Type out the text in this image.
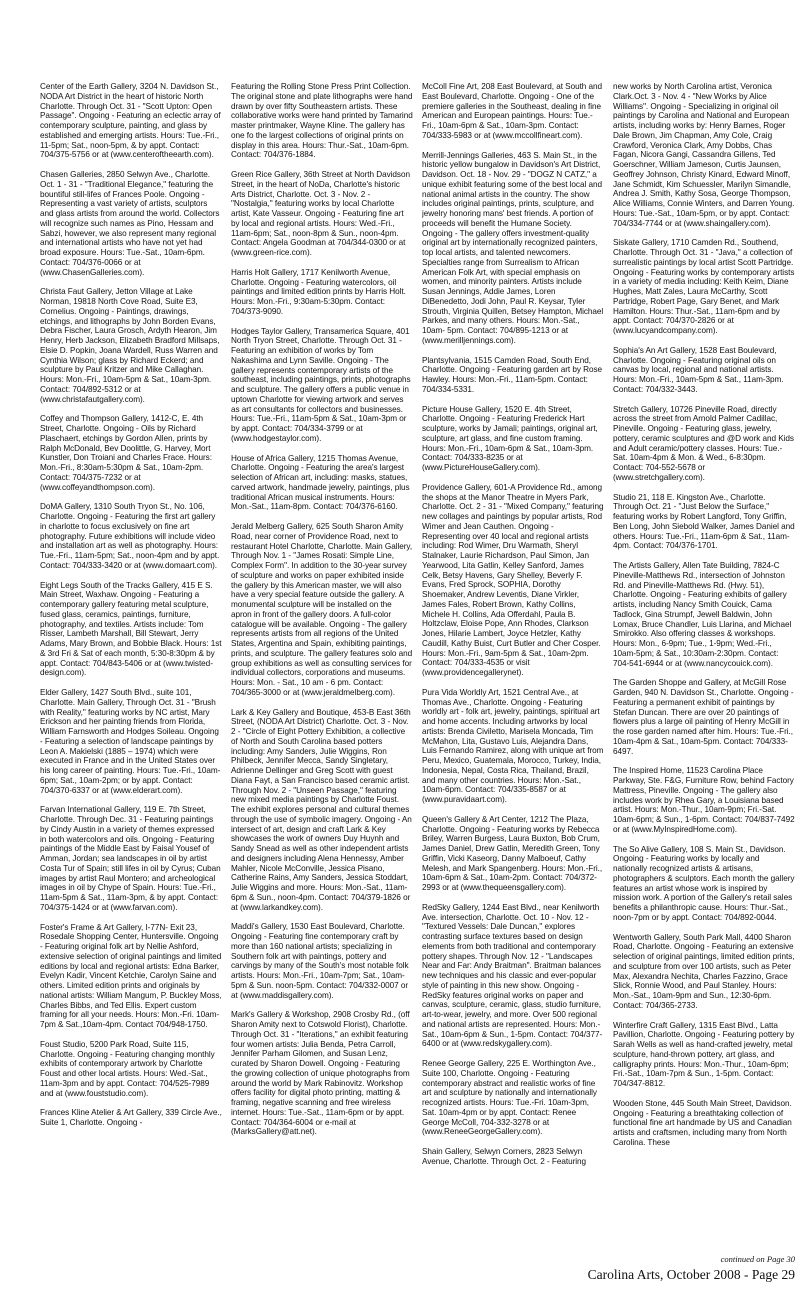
Center of the Earth Gallery, 3204 N. Davidson St., NODA Art District in the heart of historic North Charlotte. Through Oct. 31 - "Scott Upton: Open Passage". Ongoing - Featuring an eclectic array of contemporary sculpture, painting, and glass by established and emerging artists. Hours: Tue.-Fri., 11-5pm; Sat., noon-5pm, & by appt. Contact: 704/375-5756 or at (www.centeroftheearth.com).

Chasen Galleries, 2850 Selwyn Ave., Charlotte. Oct. 1 - 31 - "Traditional Elegance," featuring the bountiful still-lifes of Frances Poole. Ongoing - Representing a vast variety of artists, sculptors and glass artists from around the world. Collectors will recognize such names as Pino, Hessam and Sabzi, however, we also represent many regional and international artists who have not yet had broad exposure. Hours: Tue.-Sat., 10am-6pm. Contact: 704/376-0066 or at (www.ChasenGalleries.com).

Christa Faut Gallery, Jetton Village at Lake Norman, 19818 North Cove Road, Suite E3, Cornelius. Ongoing - Paintings, drawings, etchings, and lithographs by John Borden Evans, Debra Fischer, Laura Grosch, Ardyth Hearon, Jim Henry, Herb Jackson, Elizabeth Bradford Millsaps, Elsie D. Popkin, Joana Wardell, Russ Warren and Cynthia Wilson; glass by Richard Eckerd; and sculpture by Paul Kritzer and Mike Callaghan. Hours: Mon.-Fri., 10am-5pm & Sat., 10am-3pm. Contact: 704/892-5312 or at (www.christafautgallery.com).

Coffey and Thompson Gallery, 1412-C, E. 4th Street, Charlotte. Ongoing - Oils by Richard Plaschaert, etchings by Gordon Allen, prints by Ralph McDonald, Bev Doolittle, G. Harvey, Mort Kunstler, Don Troiani and Charles Frace. Hours: Mon.-Fri., 8:30am-5:30pm & Sat., 10am-2pm. Contact: 704/375-7232 or at (www.coffeyandthompson.com).

DoMA Gallery, 1310 South Tryon St., No. 106, Charlotte. Ongoing - Featuring the first art gallery in charlotte to focus exclusively on fine art photography. Future exhibitions will include video and installation art as well as photography. Hours: Tue.-Fri., 11am-5pm; Sat., noon-4pm and by appt. Contact: 704/333-3420 or at (www.domaart.com).

Eight Legs South of the Tracks Gallery, 415 E S. Main Street, Waxhaw. Ongoing - Featuring a contemporary gallery featuring metal sculpture, fused glass, ceramics, paintings, furniture, photography, and textiles. Artists include: Tom Risser, Lambeth Marshall, Bill Stewart, Jerry Adams, Mary Brown, and Bobbie Black. Hours: 1st & 3rd Fri & Sat of each month, 5:30-8:30pm & by appt. Contact: 704/843-5406 or at (www.twisted-design.com).

Elder Gallery, 1427 South Blvd., suite 101, Charlotte. Main Gallery, Through Oct. 31 - "Brush with Reality," featuring works by NC artist, Mary Erickson and her painting friends from Florida, William Farnsworth and Hodges Soileau. Ongoing - Featuring a selection of landscape paintings by Leon A. Makielski (1885 – 1974) which were executed in France and in the United States over his long career of painting. Hours: Tue.-Fri., 10am-6pm; Sat., 10am-2pm; or by appt. Contact: 704/370-6337 or at (www.elderart.com).

Farvan International Gallery, 119 E. 7th Street, Charlotte. Through Dec. 31 - Featuring paintings by Cindy Austin in a variety of themes expressed in both watercolors and oils. Ongoing - Featuring paintings of the Middle East by Faisal Yousef of Amman, Jordan; sea landscapes in oil by artist Costa Tur of Spain; still lifes in oil by Cyrus; Cuban images by artist Raul Montero; and archeological images in oil by Chype of Spain. Hours: Tue.-Fri., 11am-5pm & Sat., 11am-3pm, & by appt. Contact: 704/375-1424 or at (www.farvan.com).

Foster's Frame & Art Gallery, I-77N- Exit 23, Rosedale Shopping Center, Huntersville. Ongoing - Featuring original folk art by Nellie Ashford, extensive selection of original paintings and limited editions by local and regional artists: Edna Barker, Evelyn Kadir, Vincent Ketchie, Carolyn Saine and others. Limited edition prints and originals by national artists: William Mangum, P. Buckley Moss, Charles Bibbs, and Ted Ellis. Expert custom framing for all your needs. Hours: Mon.-Fri. 10am-7pm & Sat.,10am-4pm. Contact 704/948-1750.

Foust Studio, 5200 Park Road, Suite 115, Charlotte. Ongoing - Featuring changing monthly exhibits of contemporary artwork by Charlotte Foust and other local artists. Hours: Wed.-Sat., 11am-3pm and by appt. Contact: 704/525-7989 and at (www.fouststudio.com).

Frances Kline Atelier & Art Gallery, 339 Circle Ave., Suite 1, Charlotte. Ongoing -

Featuring the Rolling Stone Press Print Collection. The original stone and plate lithographs were hand drawn by over fifty Southeastern artists. These collaborative works were hand printed by Tamarind master printmaker, Wayne Kline. The gallery has one fo the largest collections of original prints on display in this area. Hours: Thur.-Sat., 10am-6pm. Contact: 704/376-1884.

Green Rice Gallery, 36th Street at North Davidson Street, in the heart of NoDa, Charlotte's historic Arts District, Charlotte. Oct. 3 - Nov. 2 - "Nostalgia," featuring works by local Charlotte artist, Kate Vasseur. Ongoing - Featuring fine art by local and regional artists. Hours: Wed.-Fri., 11am-6pm; Sat., noon-8pm & Sun., noon-4pm. Contact: Angela Goodman at 704/344-0300 or at (www.green-rice.com).

Harris Holt Gallery, 1717 Kenilworth Avenue, Charlotte. Ongoing - Featuring watercolors, oil paintings and limited edition prints by Harris Holt. Hours: Mon.-Fri., 9:30am-5:30pm. Contact: 704/373-9090.

Hodges Taylor Gallery, Transamerica Square, 401 North Tryon Street, Charlotte. Through Oct. 31 - Featuring an exhibition of works by Tom Nakashima and Lynn Saville. Ongoing - The gallery represents contemporary artists of the southeast, including paintings, prints, photographs and sculpture. The gallery offers a public venue in uptown Charlotte for viewing artwork and serves as art consultants for collectors and businesses. Hours: Tue.-Fri., 11am-5pm & Sat., 10am-3pm or by appt. Contact: 704/334-3799 or at (www.hodgestaylor.com).

House of Africa Gallery, 1215 Thomas Avenue, Charlotte. Ongoing - Featuring the area's largest selection of African art, including: masks, statues, carved artwork, handmade jewelry, paintings, plus traditional African musical instruments. Hours: Mon.-Sat., 11am-8pm. Contact: 704/376-6160.

Jerald Melberg Gallery, 625 South Sharon Amity Road, near corner of Providence Road, next to restaurant Hotel Charlotte, Charlotte. Main Gallery, Through Nov. 1 - "James Rosati: Simple Line, Complex Form". In addition to the 30-year survey of sculpture and works on paper exhibited inside the gallery by this American master, we will also have a very special feature outside the gallery. A monumental sculpture will be installed on the apron in front of the gallery doors. A full-color catalogue will be available. Ongoing - The gallery represents artists from all regions of the United States, Argentina and Spain, exhibiting paintings, prints, and sculpture. The gallery features solo and group exhibitions as well as consulting services for individual collectors, corporations and museums. Hours: Mon. - Sat., 10 am - 6 pm. Contact: 704/365-3000 or at (www.jeraldmelberg.com).

Lark & Key Gallery and Boutique, 453-B East 36th Street, (NODA Art District) Charlotte. Oct. 3 - Nov. 2 - "Circle of Eight Pottery Exhibition, a collective of North and South Carolina based potters including: Amy Sanders, Julie Wiggins, Ron Philbeck, Jennifer Mecca, Sandy Singletary, Adrienne Dellinger and Greg Scott with guest Diana Fayt, a San Francisco based ceramic artist. Through Nov. 2 - "Unseen Passage," featuring new mixed media paintings by Charlotte Foust. The exhibit explores personal and cultural themes through the use of symbolic imagery. Ongoing - An intersect of art, design and craft Lark & Key showcases the work of owners Duy Huynh and Sandy Snead as well as other independent artists and designers including Alena Hennessy, Amber Mahler, Nicole McConville, Jessica Pisano, Catherine Rains, Amy Sanders, Jessica Stoddart, Julie Wiggins and more. Hours: Mon.-Sat., 11am-6pm & Sun., noon-4pm. Contact: 704/379-1826 or at (www.larkandkey.com).

Maddi's Gallery, 1530 East Boulevard, Charlotte. Ongoing - Featuring fine contemporary craft by more than 160 national artists; specializing in Southern folk art with paintings, pottery and carvings by many of the South's most notable folk artists. Hours: Mon.-Fri., 10am-7pm; Sat., 10am-5pm & Sun. noon-5pm. Contact: 704/332-0007 or at (www.maddisgallery.com).

Mark's Gallery & Workshop, 2908 Crosby Rd., (off Sharon Amity next to Cotswold Florist), Charlotte. Through Oct. 31 - "Iterations," an exhibit featuring four women artists: Julia Benda, Petra Carroll, Jennifer Parham Gilomen, and Susan Lenz, curated by Sharon Dowell. Ongoing - Featuring the growing collection of unique photographs from around the world by Mark Rabinovitz. Workshop offers facility for digital photo printing, matting & framing, negative scanning and free wireless internet. Hours: Tue.-Sat., 11am-6pm or by appt. Contact: 704/364-6004 or e-mail at (MarksGallery@att.net).

McColl Fine Art, 208 East Boulevard, at South and East Boulevard, Charlotte. Ongoing - One of the premiere galleries in the Southeast, dealing in fine American and European paintings. Hours: Tue.-Fri., 10am-6pm & Sat., 10am-3pm. Contact: 704/333-5983 or at (www.mccollfineart.com).

Merrill-Jennings Galleries, 463 S. Main St., in the historic yellow bungalow in Davidson's Art District, Davidson. Oct. 18 - Nov. 29 - "DOGZ N CATZ," a unique exhibit featuring some of the best local and national animal artists in the country. The show includes original paintings, prints, sculpture, and jewelry honoring mans' best friends. A portion of proceeds will benefit the Humane Society. Ongoing - The gallery offers investment-quality original art by internationally recognized painters, top local artists, and talented newcomers. Specialties range from Surrealism to African American Folk Art, with special emphasis on women, and minority painters. Artists include Susan Jennings, Addie James, Loren DiBenedetto, Jodi John, Paul R. Keysar, Tyler Strouth, Virginia Quillen, Betsey Hampton, Michael Parkes, and many others. Hours: Mon.-Sat., 10am- 5pm. Contact: 704/895-1213 or at (www.merilljennings.com).

Plantsylvania, 1515 Camden Road, South End, Charlotte. Ongoing - Featuring garden art by Rose Hawley. Hours: Mon.-Fri., 11am-5pm. Contact: 704/334-5331.

Picture House Gallery, 1520 E. 4th Street, Charlotte. Ongoing - Featuring Frederick Hart sculpture, works by Jamali; paintings, original art, sculpture, art glass, and fine custom framing. Hours: Mon.-Fri., 10am-6pm & Sat., 10am-3pm. Contact: 704/333-8235 or at (www.PictureHouseGallery.com).

Providence Gallery, 601-A Providence Rd., among the shops at the Manor Theatre in Myers Park, Charlotte. Oct. 2 - 31 - "Mixed Company," featuring new collages and paintings by popular artists, Rod Wimer and Jean Cauthen. Ongoing - Representing over 40 local and regional artists including: Rod Wimer, Dru Warmath, Sheryl Stalnaker, Laurie Richardson, Paul Simon, Jan Yearwood, Lita Gatlin, Kelley Sanford, James Celk, Betsy Havens, Gary Shelley, Beverly F. Evans, Fred Sprock, SOPHIA, Dorothy Shoemaker, Andrew Leventis, Diane Virkler, James Fales, Robert Brown, Kathy Collins, Michele H. Collins, Ada Offerdahl, Paula B. Holtzclaw, Eloise Pope, Ann Rhodes, Clarkson Jones, Hilarie Lambert, Joyce Hetzler, Kathy Caudill, Kathy Buist, Curt Butler and Cher Cosper. Hours: Mon.-Fri., 9am-5pm & Sat., 10am-2pm. Contact: 704/333-4535 or visit (www.providencegallerynet).

Pura Vida Worldly Art, 1521 Central Ave., at Thomas Ave., Charlotte. Ongoing - Featuring worldly art - folk art, jewelry, paintings, spiritual art and home accents. Including artworks by local artists: Brenda Civiletto, Marisela Moncada, Tim McMahon, Lita, Gustavo Luis, Alejandra Dans, Luis Fernando Ramirez, along with unique art from Peru, Mexico, Guatemala, Morocco, Turkey, India, Indonesia, Nepal, Costa Rica, Thailand, Brazil, and many other countries. Hours: Mon.-Sat., 10am-6pm. Contact: 704/335-8587 or at (www.puravidaart.com).

Queen's Gallery & Art Center, 1212 The Plaza, Charlotte. Ongoing - Featuring works by Rebecca Briley, Warren Burgess, Laura Buxton, Bob Crum, James Daniel, Drew Gatlin, Meredith Green, Tony Griffin, Vicki Kaseorg, Danny Malboeuf, Cathy Melesh, and Mark Spangenberg. Hours: Mon.-Fri., 10am-6pm & Sat., 10am-2pm. Contact: 704/372-2993 or at (www.thequeensgallery.com).

RedSky Gallery, 1244 East Blvd., near Kenilworth Ave. intersection, Charlotte. Oct. 10 - Nov. 12 - "Textured Vessels: Dale Duncan," explores contrasting surface textures based on design elements from both traditional and contemporary pottery shapes. Through Nov. 12 - "Landscapes Near and Far: Andy Braitman". Braitman balances new techniques and his classic and ever-popular style of painting in this new show. Ongoing - RedSky features original works on paper and canvas, sculpture, ceramic, glass, studio furniture, art-to-wear, jewelry, and more. Over 500 regional and national artists are represented. Hours: Mon.-Sat., 10am-6pm & Sun., 1-5pm. Contact: 704/377-6400 or at (www.redskygallery.com).

Renee George Gallery, 225 E. Worthington Ave., Suite 100, Charlotte. Ongoing - Featuring contemporary abstract and realistic works of fine art and sculpture by nationally and internationally recognized artists. Hours: Tue.-Fri. 10am-3pm, Sat. 10am-4pm or by appt. Contact: Renee George McColl, 704-332-3278 or at (www.ReneeGeorgeGallery.com).

Shain Gallery, Selwyn Corners, 2823 Selwyn Avenue, Charlotte. Through Oct. 2 - Featuring

new works by North Carolina artist, Veronica Clark.Oct. 3 - Nov. 4 - "New Works by Alice Williams". Ongoing - Specializing in original oil paintings by Carolina and National and European artists, including works by: Henry Barnes, Roger Dale Brown, Jim Chapman, Amy Cole, Craig Crawford, Veronica Clark, Amy Dobbs, Chas Fagan, Nicora Gangi, Cassandra Gillens, Ted Goerschner, William Jameson, Curtis Jaunsen, Geoffrey Johnson, Christy Kinard, Edward Minoff, Jane Schmidt, Kim Schuessler, Marilyn Simandle, Andrea J. Smith, Kathy Sosa, George Thompson, Alice Williams, Connie Winters, and Darren Young. Hours: Tue.-Sat., 10am-5pm, or by appt. Contact: 704/334-7744 or at (www.shaingallery.com).

Siskate Gallery, 1710 Camden Rd., Southend, Charlotte. Through Oct. 31 - "Java," a collection of surrealistic paintings by local artist Scott Partridge. Ongoing - Featuring works by contemporary artists in a variety of media including: Keith Keim, Diane Hughes, Matt Zales, Laura McCarthy, Scott Partridge, Robert Page, Gary Benet, and Mark Hamilton. Hours: Thur.-Sat., 11am-6pm and by appt. Contact: 704/370-2826 or at (www.lucyandcompany.com).

Sophia's An Art Gallery, 1528 East Boulevard, Charlotte. Ongoing - Featuring original oils on canvas by local, regional and national artists. Hours: Mon.-Fri., 10am-5pm & Sat., 11am-3pm. Contact: 704/332-3443.

Stretch Gallery, 10726 Pineville Road, directly across the street from Arnold Palmer Cadillac, Pineville. Ongoing - Featuring glass, jewelry, pottery, ceramic sculptures and @D work and Kids and Adult ceramic/pottery classes. Hours: Tue.-Sat. 10am-4pm & Mon. & Wed., 6-8:30pm. Contact: 704-552-5678 or (www.stretchgallery.com).

Studio 21, 118 E. Kingston Ave., Charlotte. Through Oct. 21 - "Just Below the Surface," featuring works by Robert Langford, Tony Griffin, Ben Long, John Siebold Walker, James Daniel and others. Hours: Tue.-Fri., 11am-6pm & Sat., 11am-4pm. Contact: 704/376-1701.

The Artists Gallery, Allen Tate Building, 7824-C Pineville-Matthews Rd., intersection of Johnston Rd. and Pineville-Matthews Rd. (Hwy. 51), Charlotte. Ongoing - Featuring exhibits of gallery artists, including Nancy Smith Couick, Cama Tadlock, Gina Strumpf, Jewell Baldwin, John Lomax, Bruce Chandler, Luis Llarina, and Michael Smirokko. Also offering classes & workshops. Hours: Mon., 6-9pm; Tue., 1-9pm; Wed.-Fri., 10am-5pm; & Sat., 10:30am-2:30pm. Contact: 704-541-6944 or at (www.nancycouick.com).

The Garden Shoppe and Gallery, at McGill Rose Garden, 940 N. Davidson St., Charlotte. Ongoing - Featuring a permanent exhibit of paintings by Stefan Duncan. There are over 20 paintings of flowers plus a large oil painting of Henry McGill in the rose garden named after him. Hours: Tue.-Fri., 10am-4pm & Sat., 10am-5pm. Contact: 704/333-6497.

The Inspired Home, 11523 Carolina Place Parkway, Ste. F&G, Furniture Row, behind Factory Mattress, Pineville. Ongoing - The gallery also includes work by Rhea Gary, a Louisiana based artist. Hours: Mon.-Thur., 10am-9pm; Fri.-Sat. 10am-6pm; & Sun., 1-6pm. Contact: 704/837-7492 or at (www.MyInspiredHome.com).

The So Alive Gallery, 108 S. Main St., Davidson. Ongoing - Featuring works by locally and nationally recognized artists & artisans, photographers & sculptors. Each month the gallery features an artist whose work is inspired by mission work. A portion of the Gallery's retail sales benefits a philanthropic cause. Hours: Thur.-Sat., noon-7pm or by appt. Contact: 704/892-0044.

Wentworth Gallery, South Park Mall, 4400 Sharon Road, Charlotte. Ongoing - Featuring an extensive selection of original paintings, limited edition prints, and sculpture from over 100 artists, such as Peter Max, Alexandra Nechita, Charles Fazzino, Grace Slick, Ronnie Wood, and Paul Stanley. Hours: Mon.-Sat., 10am-9pm and Sun., 12:30-6pm. Contact: 704/365-2733.

Winterfire Craft Gallery, 1315 East Blvd., Latta Pavillion, Charlotte. Ongoing - Featuring pottery by Sarah Wells as well as hand-crafted jewelry, metal sculpture, hand-thrown pottery, art glass, and calligraphy prints. Hours: Mon.-Thur., 10am-6pm; Fri.-Sat., 10am-7pm & Sun., 1-5pm. Contact: 704/347-8812.

Wooden Stone, 445 South Main Street, Davidson. Ongoing - Featuring a breathtaking collection of functional fine art handmade by US and Canadian artists and craftsmen, including many from North Carolina. These

continued on Page 30
Carolina Arts, October 2008 - Page 29
